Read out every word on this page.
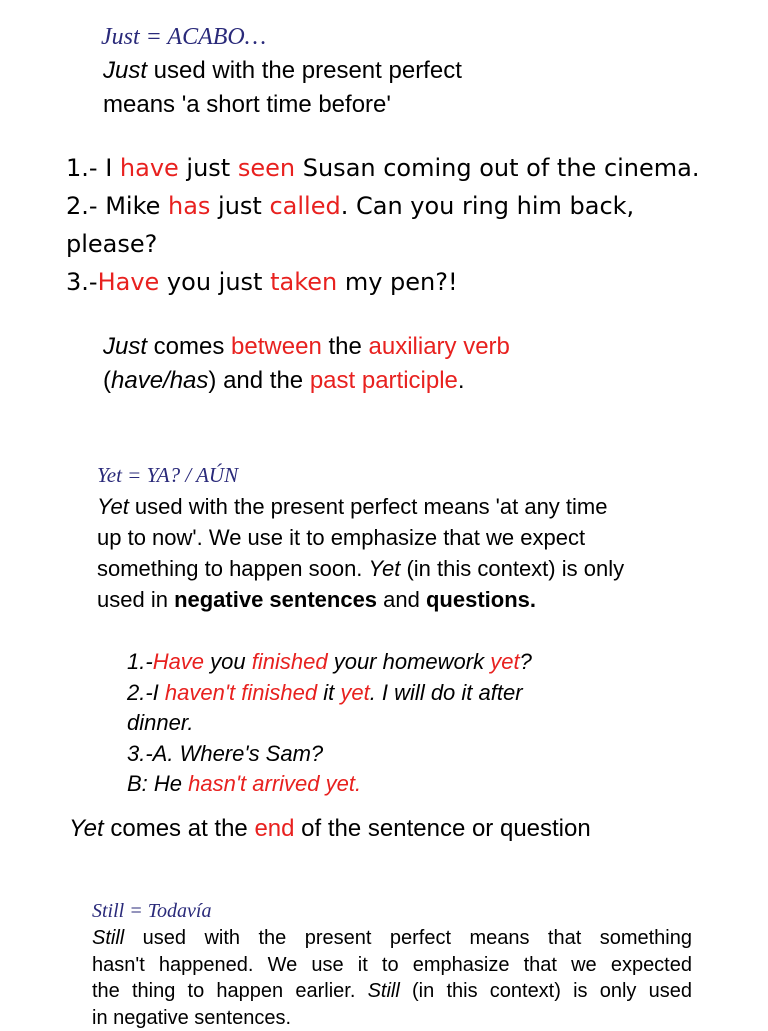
Just = ACABO…
Just used with the present perfect
means 'a short time before'
1.- I have just seen Susan coming out of the cinema.
2.- Mike has just called. Can you ring him back,
please?
3.-Have you just taken my pen?!
Just comes between the auxiliary verb
(have/has) and the past participle.
Yet = YA? / AÚN
Yet used with the present perfect means 'at any time
up to now'. We use it to emphasize that we expect
something to happen soon. Yet (in this context) is only
used in negative sentences and questions.
1.-Have you finished your homework yet?
2.-I haven't finished it yet. I will do it after
dinner.
3.-A. Where's Sam?
B: He hasn't arrived yet.
Yet comes at the end of the sentence or question
Still = Todavía
Still used with the present perfect means that something
hasn't happened. We use it to emphasize that we expected
the thing to happen earlier. Still (in this context) is only used
in negative sentences.
